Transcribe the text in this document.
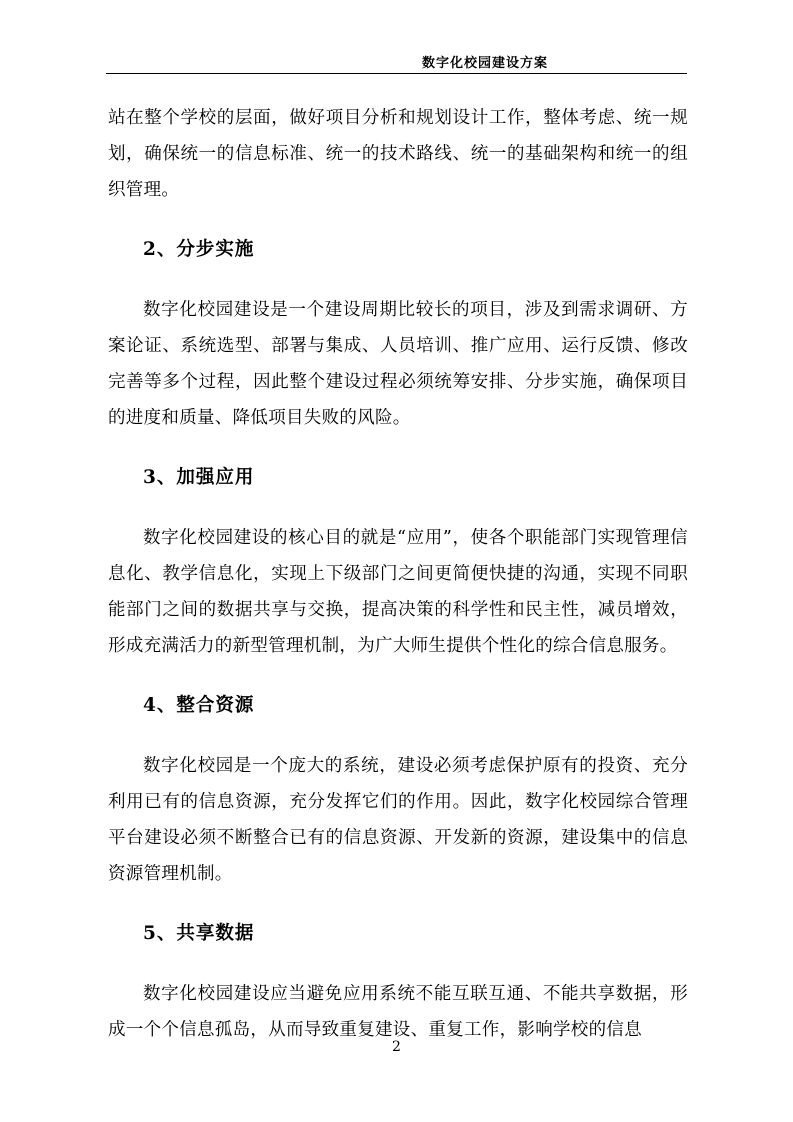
数字化校园建设方案

站在整个学校的层面，做好项目分析和规划设计工作，整体考虑、统一规划，确保统一的信息标准、统一的技术路线、统一的基础架构和统一的组织管理。

2、分步实施

数字化校园建设是一个建设周期比较长的项目，涉及到需求调研、方案论证、系统选型、部署与集成、人员培训、推广应用、运行反馈、修改完善等多个过程，因此整个建设过程必须统筹安排、分步实施，确保项目的进度和质量、降低项目失败的风险。

3、加强应用

数字化校园建设的核心目的就是“应用”，使各个职能部门实现管理信息化、教学信息化，实现上下级部门之间更简便快捷的沟通，实现不同职能部门之间的数据共享与交换，提高决策的科学性和民主性，减员增效，形成充满活力的新型管理机制，为广大师生提供个性化的综合信息服务。

4、整合资源

数字化校园是一个庞大的系统，建设必须考虑保护原有的投资、充分利用已有的信息资源，充分发挥它们的作用。因此，数字化校园综合管理平台建设必须不断整合已有的信息资源、开发新的资源，建设集中的信息资源管理机制。

5、共享数据

数字化校园建设应当避免应用系统不能互联互通、不能共享数据，形成一个个信息孤岛，从而导致重复建设、重复工作，影响学校的信息

2
